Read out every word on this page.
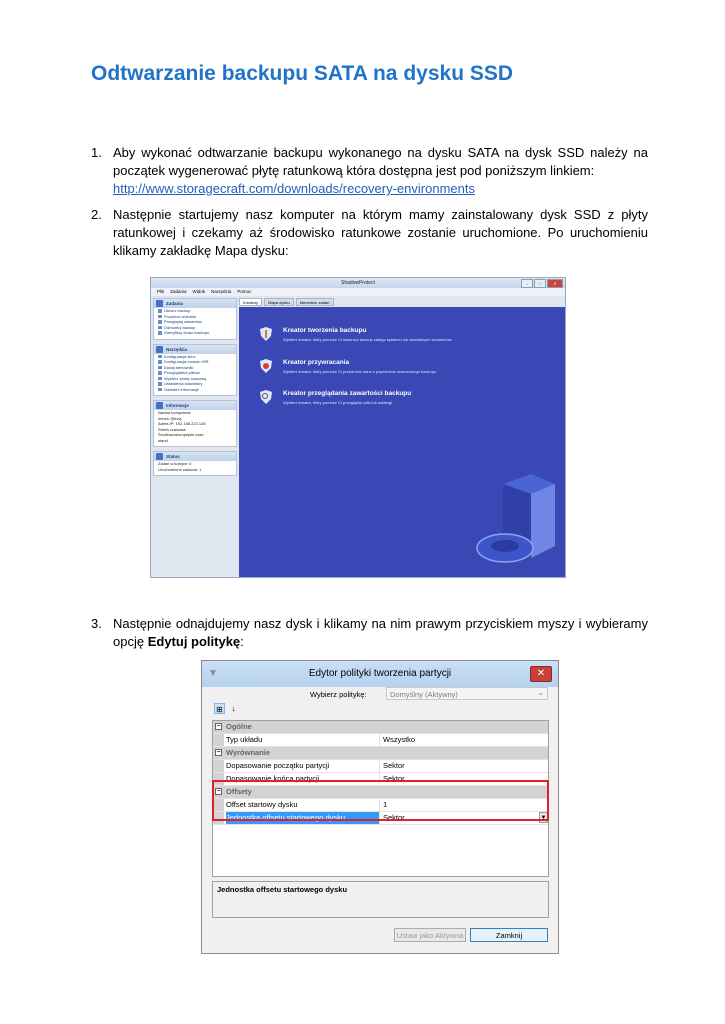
Odtwarzanie backupu SATA na dysku SSD
1. Aby wykonać odtwarzanie backupu wykonanego na dysku SATA na dysk SSD należy na początek wygenerować płytę ratunkową która dostępna jest pod poniższym linkiem:
http://www.storagecraft.com/downloads/recovery-environments
2. Następnie startujemy nasz komputer na którym mamy zainstalowany dysk SSD z płyty ratunkowej i czekamy aż środowisko ratunkowe zostanie uruchomione. Po uruchomieniu klikamy zakładkę Mapa dysku:
ShadowProtect	–	□	✕
Plik Zadania Widok Narzędzia Pomoc
Zadania
Utwórz backup
Przywróć wolumin
Przeglądaj zawartość
Odmontuj backup
Zweryfikuj obraz backupu
Narzędzia
Konfiguracja sieci
Konfiguracja modułu HIR
Dodaj sterowniki
Przeglądarka plików
Wybierz strefę czasową
Ustawienia klawiatury
Odśwież informacje
Informacje
Nazwa komputera:
minint-7jhiovj
Adres IP: 192.168.222.128
Strefa czasowa:
Środkowoeuropejski czas
stand.
Status
Zadań w kolejce: 0
Uruchomione zadania: 1
Kreatory	Mapa dysku	Menedżer zadań
Kreator tworzenia backupu
Wybierz kreator, który pomoże Ci utworzyć backup całego systemu lub określonych woluminów.
Kreator przywracania
Wybierz kreator, który pomoże Ci przywrócić dane z poprzednio utworzonego backupu.
Kreator przeglądania zawartości backupu
Wybierz kreator, który pomoże Ci przeglądać pliki lub katalogi.
3. Następnie odnajdujemy nasz dysk i klikamy na nim prawym przyciskiem myszy i wybieramy opcję Edytuj politykę:
▼	Edytor polityki tworzenia partycji	✕
Wybierz politykę:	Domyślny (Aktywny) ⌄
⊞	↓
− Ogólne
Typ układu	Wszystko
− Wyrównanie
Dopasowanie początku partycji	Sektor
Dopasowanie końca partycji	Sektor
− Offsety
Offset startowy dysku	1
Jednostka offsetu startowego dysku	Sektor	▼
Jednostka offsetu startowego dysku
Ustaw jako Aktywna	Zamknij
